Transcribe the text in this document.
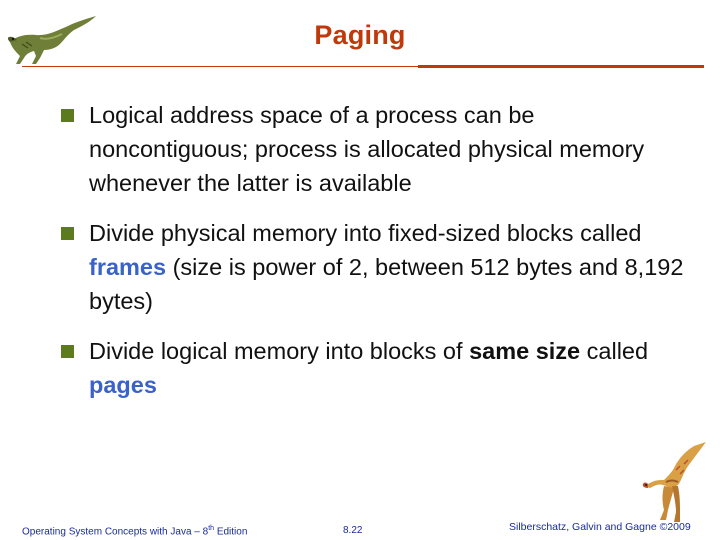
Paging
Logical address space of a process can be noncontiguous; process is allocated physical memory whenever the latter is available
Divide physical memory into fixed-sized blocks called frames (size is power of 2, between 512 bytes and 8,192 bytes)
Divide logical memory into blocks of same size called pages
Operating System Concepts with Java – 8th Edition	8.22	Silberschatz, Galvin and Gagne ©2009
